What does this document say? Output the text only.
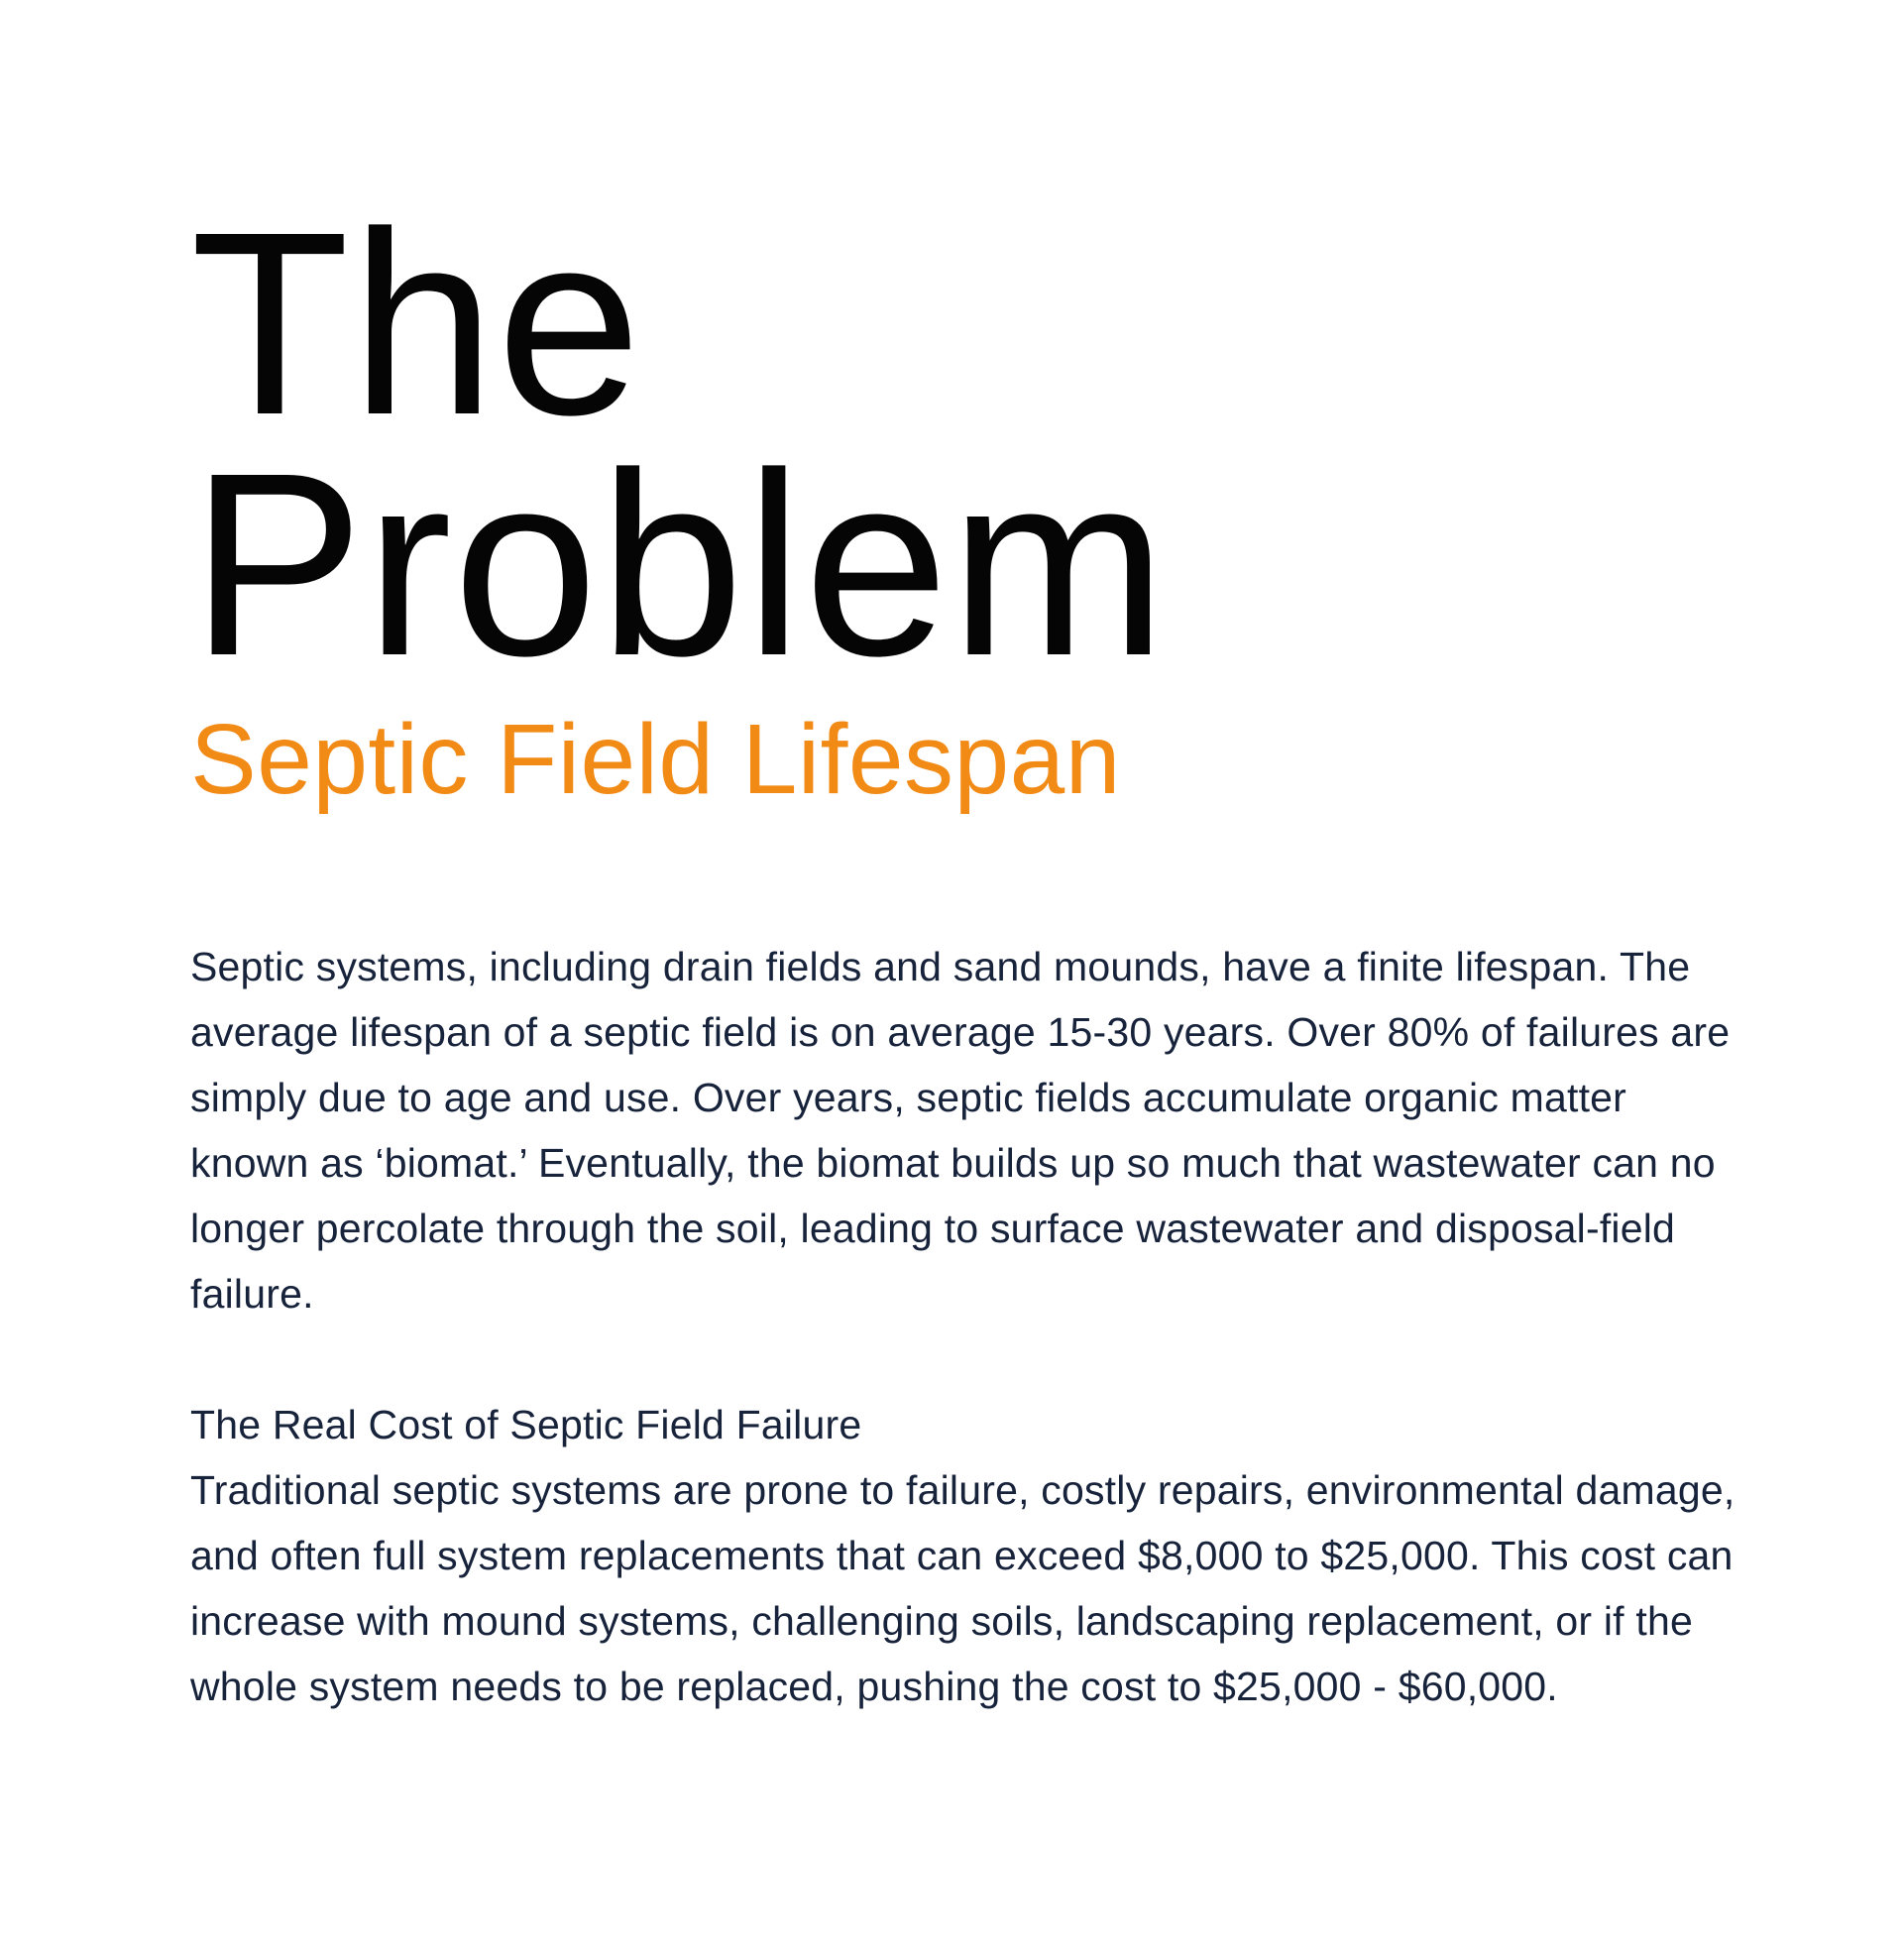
The
Problem
Septic Field Lifespan

Septic systems, including drain fields and sand mounds, have a finite lifespan. The average lifespan of a septic field is on average 15-30 years. Over 80% of failures are simply due to age and use. Over years, septic fields accumulate organic matter known as ‘biomat.’ Eventually, the biomat builds up so much that wastewater can no longer percolate through the soil, leading to surface wastewater and disposal-field failure.

The Real Cost of Septic Field Failure

Traditional septic systems are prone to failure, costly repairs, environmental damage, and often full system replacements that can exceed $8,000 to $25,000. This cost can increase with mound systems, challenging soils, landscaping replacement, or if the whole system needs to be replaced, pushing the cost to $25,000 - $60,000.
